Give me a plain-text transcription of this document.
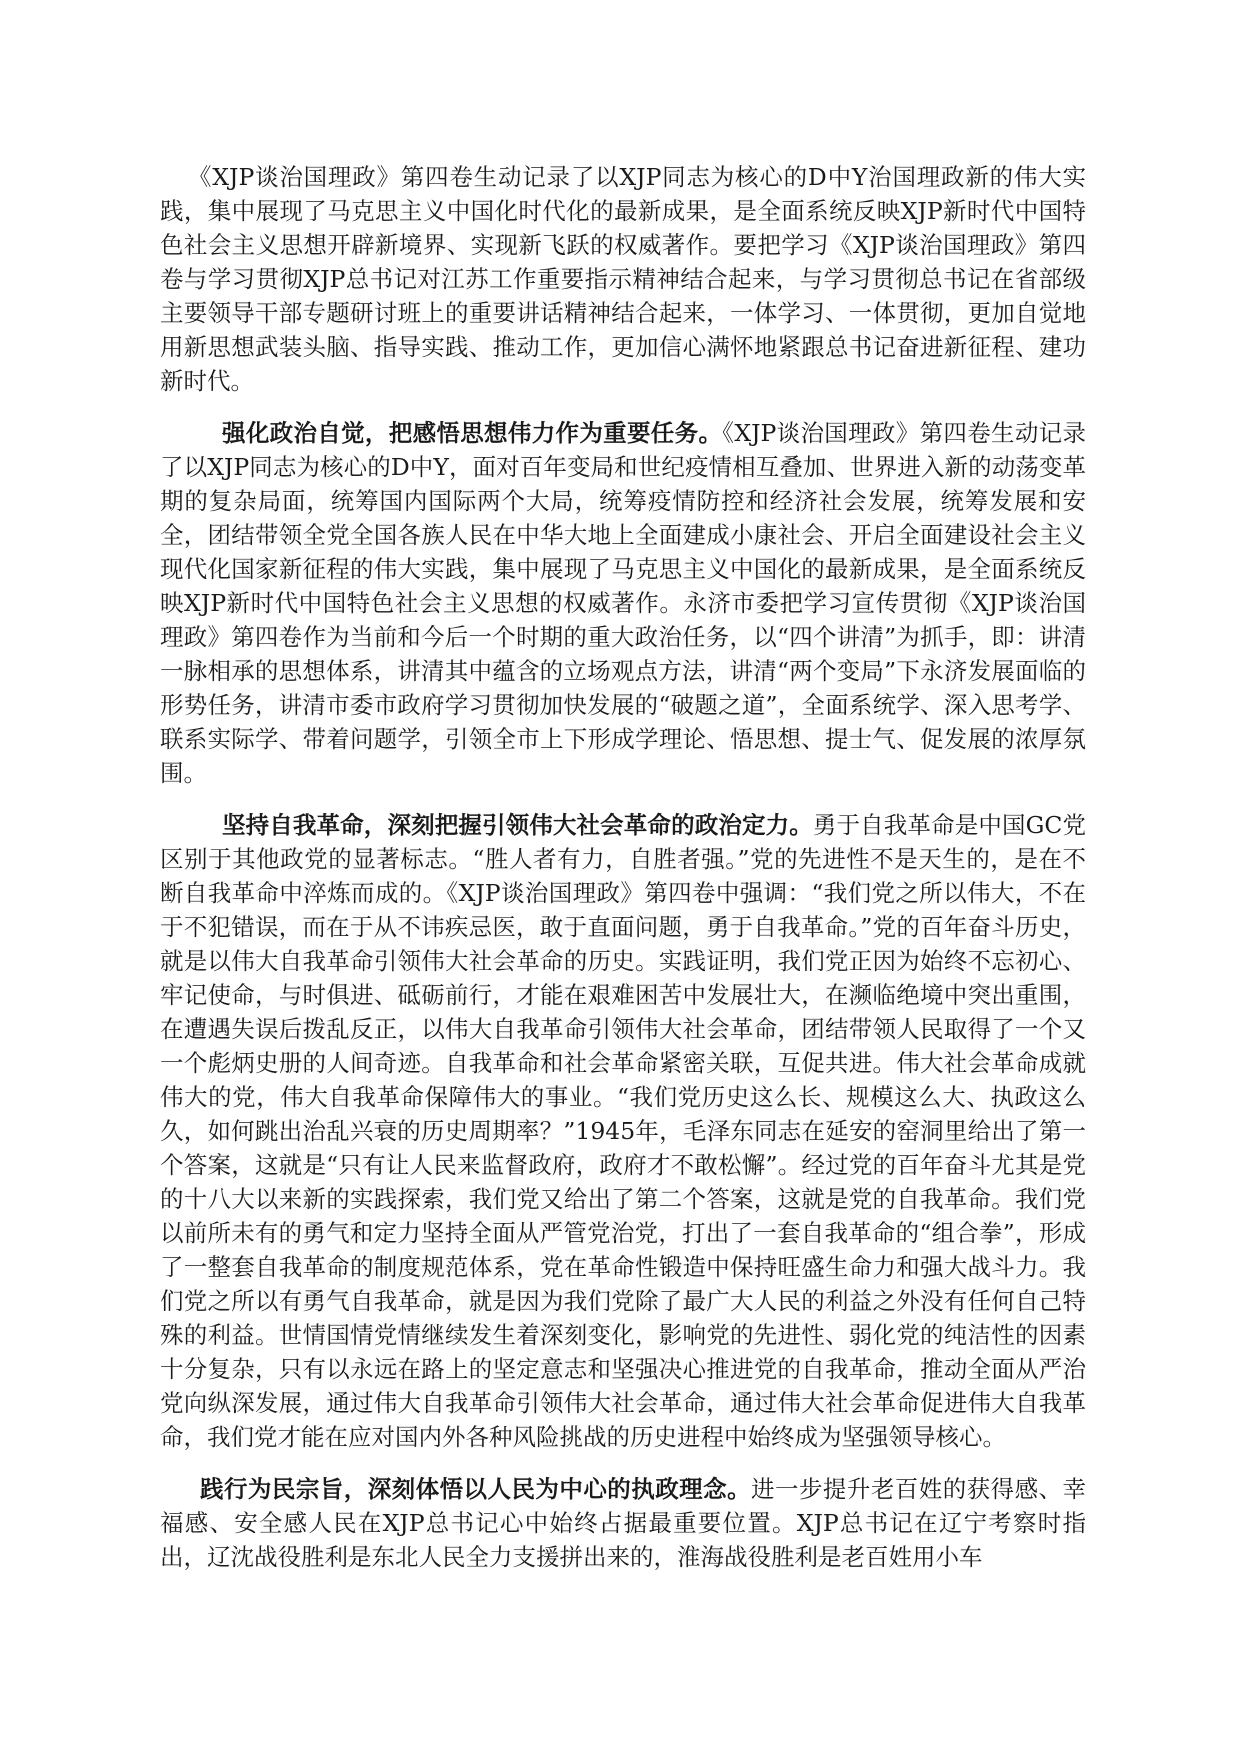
《XJP谈治国理政》第四卷生动记录了以XJP同志为核心的D中Y治国理政新的伟大实践，集中展现了马克思主义中国化时代化的最新成果，是全面系统反映XJP新时代中国特色社会主义思想开辟新境界、实现新飞跃的权威著作。要把学习《XJP谈治国理政》第四卷与学习贯彻XJP总书记对江苏工作重要指示精神结合起来，与学习贯彻总书记在省部级主要领导干部专题研讨班上的重要讲话精神结合起来，一体学习、一体贯彻，更加自觉地用新思想武装头脑、指导实践、推动工作，更加信心满怀地紧跟总书记奋进新征程、建功新时代。

强化政治自觉，把感悟思想伟力作为重要任务。《XJP谈治国理政》第四卷生动记录了以XJP同志为核心的D中Y，面对百年变局和世纪疫情相互叠加、世界进入新的动荡变革期的复杂局面，统筹国内国际两个大局，统筹疫情防控和经济社会发展，统筹发展和安全，团结带领全党全国各族人民在中华大地上全面建成小康社会、开启全面建设社会主义现代化国家新征程的伟大实践，集中展现了马克思主义中国化的最新成果，是全面系统反映XJP新时代中国特色社会主义思想的权威著作。永济市委把学习宣传贯彻《XJP谈治国理政》第四卷作为当前和今后一个时期的重大政治任务，以“四个讲清”为抓手，即：讲清一脉相承的思想体系，讲清其中蕴含的立场观点方法，讲清“两个变局”下永济发展面临的形势任务，讲清市委市政府学习贯彻加快发展的“破题之道”，全面系统学、深入思考学、联系实际学、带着问题学，引领全市上下形成学理论、悟思想、提士气、促发展的浓厚氛围。

坚持自我革命，深刻把握引领伟大社会革命的政治定力。勇于自我革命是中国GC党区别于其他政党的显著标志。“胜人者有力，自胜者强。”党的先进性不是天生的，是在不断自我革命中淬炼而成的。《XJP谈治国理政》第四卷中强调：“我们党之所以伟大，不在于不犯错误，而在于从不讳疾忌医，敢于直面问题，勇于自我革命。”党的百年奋斗历史，就是以伟大自我革命引领伟大社会革命的历史。实践证明，我们党正因为始终不忘初心、牢记使命，与时俱进、砥砺前行，才能在艰难困苦中发展壮大，在濒临绝境中突出重围，在遭遇失误后拨乱反正，以伟大自我革命引领伟大社会革命，团结带领人民取得了一个又一个彪炳史册的人间奇迹。自我革命和社会革命紧密关联，互促共进。伟大社会革命成就伟大的党，伟大自我革命保障伟大的事业。“我们党历史这么长、规模这么大、执政这么久，如何跳出治乱兴衰的历史周期率？”1945年，毛泽东同志在延安的窑洞里给出了第一个答案，这就是“只有让人民来监督政府，政府才不敢松懈”。经过党的百年奋斗尤其是党的十八大以来新的实践探索，我们党又给出了第二个答案，这就是党的自我革命。我们党以前所未有的勇气和定力坚持全面从严管党治党，打出了一套自我革命的“组合拳”，形成了一整套自我革命的制度规范体系，党在革命性锻造中保持旺盛生命力和强大战斗力。我们党之所以有勇气自我革命，就是因为我们党除了最广大人民的利益之外没有任何自己特殊的利益。世情国情党情继续发生着深刻变化，影响党的先进性、弱化党的纯洁性的因素十分复杂，只有以永远在路上的坚定意志和坚强决心推进党的自我革命，推动全面从严治党向纵深发展，通过伟大自我革命引领伟大社会革命，通过伟大社会革命促进伟大自我革命，我们党才能在应对国内外各种风险挑战的历史进程中始终成为坚强领导核心。

践行为民宗旨，深刻体悟以人民为中心的执政理念。进一步提升老百姓的获得感、幸福感、安全感人民在XJP总书记心中始终占据最重要位置。XJP总书记在辽宁考察时指出，辽沈战役胜利是东北人民全力支援拼出来的，淮海战役胜利是老百姓用小车
